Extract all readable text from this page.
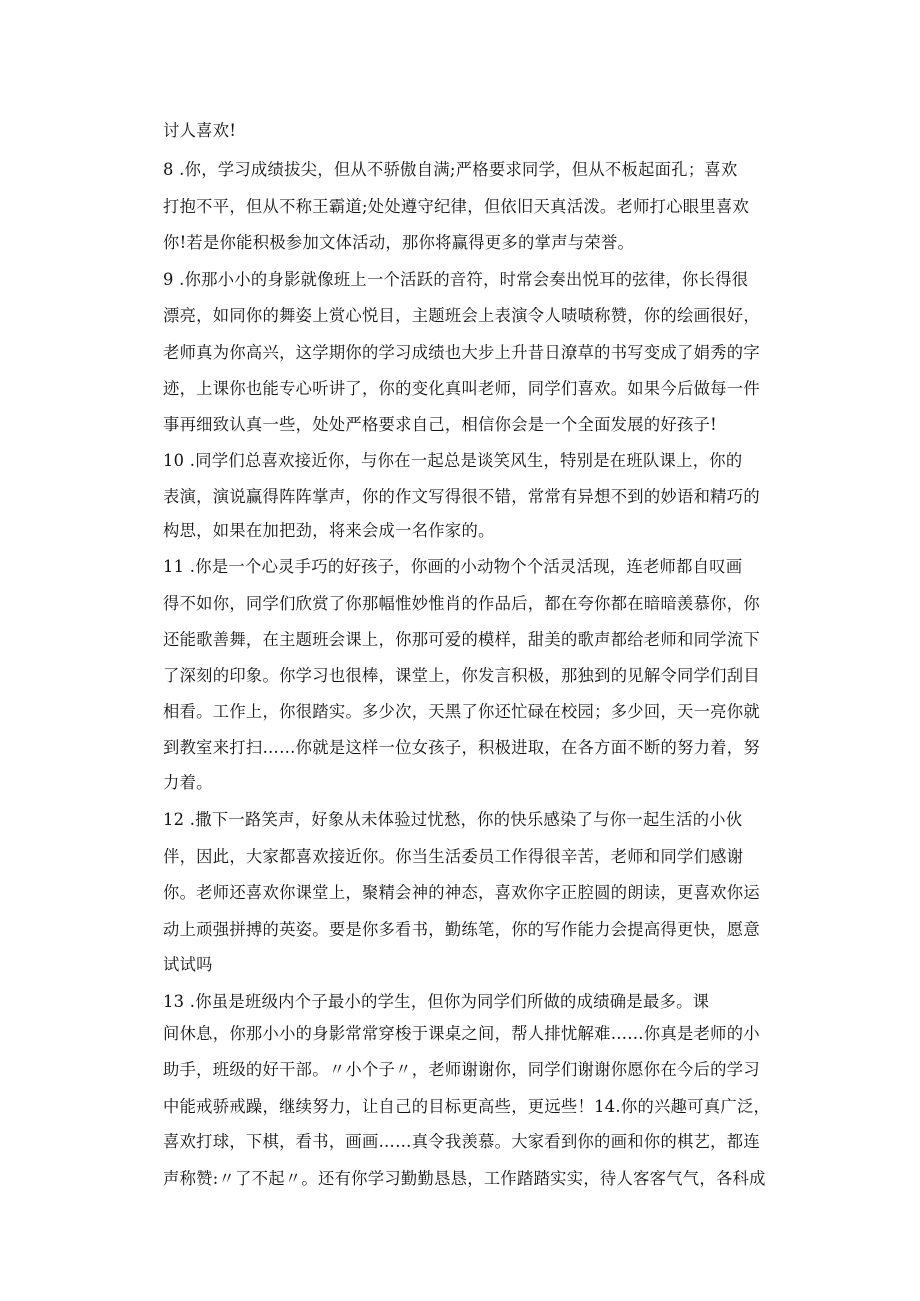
讨人喜欢!
8 .你，学习成绩拔尖，但从不骄傲自满;严格要求同学，但从不板起面孔；喜欢
打抱不平，但从不称王霸道;处处遵守纪律，但依旧天真活泼。老师打心眼里喜欢
你!若是你能积极参加文体活动，那你将赢得更多的掌声与荣誉。
9 .你那小小的身影就像班上一个活跃的音符，时常会奏出悦耳的弦律，你长得很
漂亮，如同你的舞姿上赏心悦目，主题班会上表演令人啧啧称赞，你的绘画很好，
老师真为你高兴，这学期你的学习成绩也大步上升昔日潦草的书写变成了娟秀的字
迹，上课你也能专心听讲了，你的变化真叫老师，同学们喜欢。如果今后做每一件
事再细致认真一些，处处严格要求自己，相信你会是一个全面发展的好孩子!
10 .同学们总喜欢接近你，与你在一起总是谈笑风生，特别是在班队课上，你的
表演，演说赢得阵阵掌声，你的作文写得很不错，常常有异想不到的妙语和精巧的
构思，如果在加把劲，将来会成一名作家的。
11 .你是一个心灵手巧的好孩子，你画的小动物个个活灵活现，连老师都自叹画
得不如你，同学们欣赏了你那幅惟妙惟肖的作品后，都在夸你都在暗暗羡慕你，你
还能歌善舞，在主题班会课上，你那可爱的模样，甜美的歌声都给老师和同学流下
了深刻的印象。你学习也很棒，课堂上，你发言积极，那独到的见解令同学们刮目
相看。工作上，你很踏实。多少次，天黑了你还忙碌在校园；多少回，天一亮你就
到教室来打扫……你就是这样一位女孩子，积极进取，在各方面不断的努力着，努
力着。
12 .撒下一路笑声，好象从未体验过忧愁，你的快乐感染了与你一起生活的小伙
伴，因此，大家都喜欢接近你。你当生活委员工作得很辛苦，老师和同学们感谢
你。老师还喜欢你课堂上，聚精会神的神态，喜欢你字正腔圆的朗读，更喜欢你运
动上顽强拼搏的英姿。要是你多看书，勤练笔，你的写作能力会提高得更快，愿意
试试吗
13 .你虽是班级内个子最小的学生，但你为同学们所做的成绩确是最多。课
间休息，你那小小的身影常常穿梭于课桌之间，帮人排忧解难……你真是老师的小
助手，班级的好干部。〃小个子〃，老师谢谢你，同学们谢谢你愿你在今后的学习
中能戒骄戒躁，继续努力，让自己的目标更高些，更远些！14.你的兴趣可真广泛，
喜欢打球，下棋，看书，画画……真令我羡慕。大家看到你的画和你的棋艺，都连
声称赞:〃了不起〃。还有你学习勤勤恳恳，工作踏踏实实，待人客客气气，各科成
